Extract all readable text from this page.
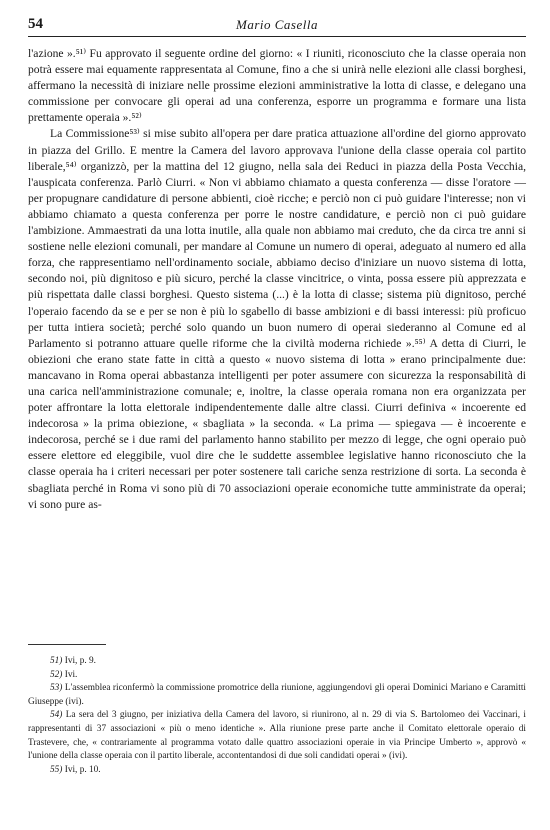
54	Mario Casella

l'azione ».⁵¹⁾ Fu approvato il seguente ordine del giorno: « I riuniti, riconosciuto che la classe operaia non potrà essere mai equamente rappresentata al Comune, fino a che si unirà nelle elezioni alle classi borghesi, affermano la necessità di iniziare nelle prossime elezioni amministrative la lotta di classe, e delegano una commissione per convocare gli operai ad una conferenza, esporre un programma e formare una lista prettamente operaia ».⁵²⁾

La Commissione⁵³⁾ si mise subito all'opera per dare pratica attuazione all'ordine del giorno approvato in piazza del Grillo. E mentre la Camera del lavoro approvava l'unione della classe operaia col partito liberale,⁵⁴⁾ organizzò, per la mattina del 12 giugno, nella sala dei Reduci in piazza della Posta Vecchia, l'auspicata conferenza. Parlò Ciurri. « Non vi abbiamo chiamato a questa conferenza — disse l'oratore — per propugnare candidature di persone abbienti, cioè ricche; e perciò non ci può guidare l'interesse; non vi abbiamo chiamato a questa conferenza per porre le nostre candidature, e perciò non ci può guidare l'ambizione. Ammaestrati da una lotta inutile, alla quale non abbiamo mai creduto, che da circa tre anni si sostiene nelle elezioni comunali, per mandare al Comune un numero di operai, adeguato al numero ed alla forza, che rappresentiamo nell'ordinamento sociale, abbiamo deciso d'iniziare un nuovo sistema di lotta, secondo noi, più dignitoso e più sicuro, perché la classe vincitrice, o vinta, possa essere più apprezzata e più rispettata dalle classi borghesi. Questo sistema (...) è la lotta di classe; sistema più dignitoso, perché l'operaio facendo da se e per se non è più lo sgabello di basse ambizioni e di bassi interessi: più proficuo per tutta intiera società; perché solo quando un buon numero di operai siederanno al Comune ed al Parlamento si potranno attuare quelle riforme che la civiltà moderna richiede ».⁵⁵⁾ A detta di Ciurri, le obiezioni che erano state fatte in città a questo « nuovo sistema di lotta » erano principalmente due: mancavano in Roma operai abbastanza intelligenti per poter assumere con sicurezza la responsabilità di una carica nell'amministrazione comunale; e, inoltre, la classe operaia romana non era organizzata per poter affrontare la lotta elettorale indipendentemente dalle altre classi. Ciurri definiva « incoerente ed indecorosa » la prima obiezione, « sbagliata » la seconda. « La prima — spiegava — è incoerente e indecorosa, perché se i due rami del parlamento hanno stabilito per mezzo di legge, che ogni operaio può essere elettore ed eleggibile, vuol dire che le suddette assemblee legislative hanno riconosciuto che la classe operaia ha i criteri necessari per poter sostenere tali cariche senza restrizione di sorta. La seconda è sbagliata perché in Roma vi sono più di 70 associazioni operaie economiche tutte amministrate da operai; vi sono pure as-

51) Ivi, p. 9.

52) Ivi.

53) L'assemblea riconfermò la commissione promotrice della riunione, aggiungendovi gli operai Dominici Mariano e Caramitti Giuseppe (ivi).

54) La sera del 3 giugno, per iniziativa della Camera del lavoro, si riunirono, al n. 29 di via S. Bartolomeo dei Vaccinari, i rappresentanti di 37 associazioni « più o meno identiche ». Alla riunione prese parte anche il Comitato elettorale operaio di Trastevere, che, « contrariamente al programma votato dalle quattro associazioni operaie in via Principe Umberto », approvò « l'unione della classe operaia con il partito liberale, accontentandosi di due soli candidati operai » (ivi).

55) Ivi, p. 10.
